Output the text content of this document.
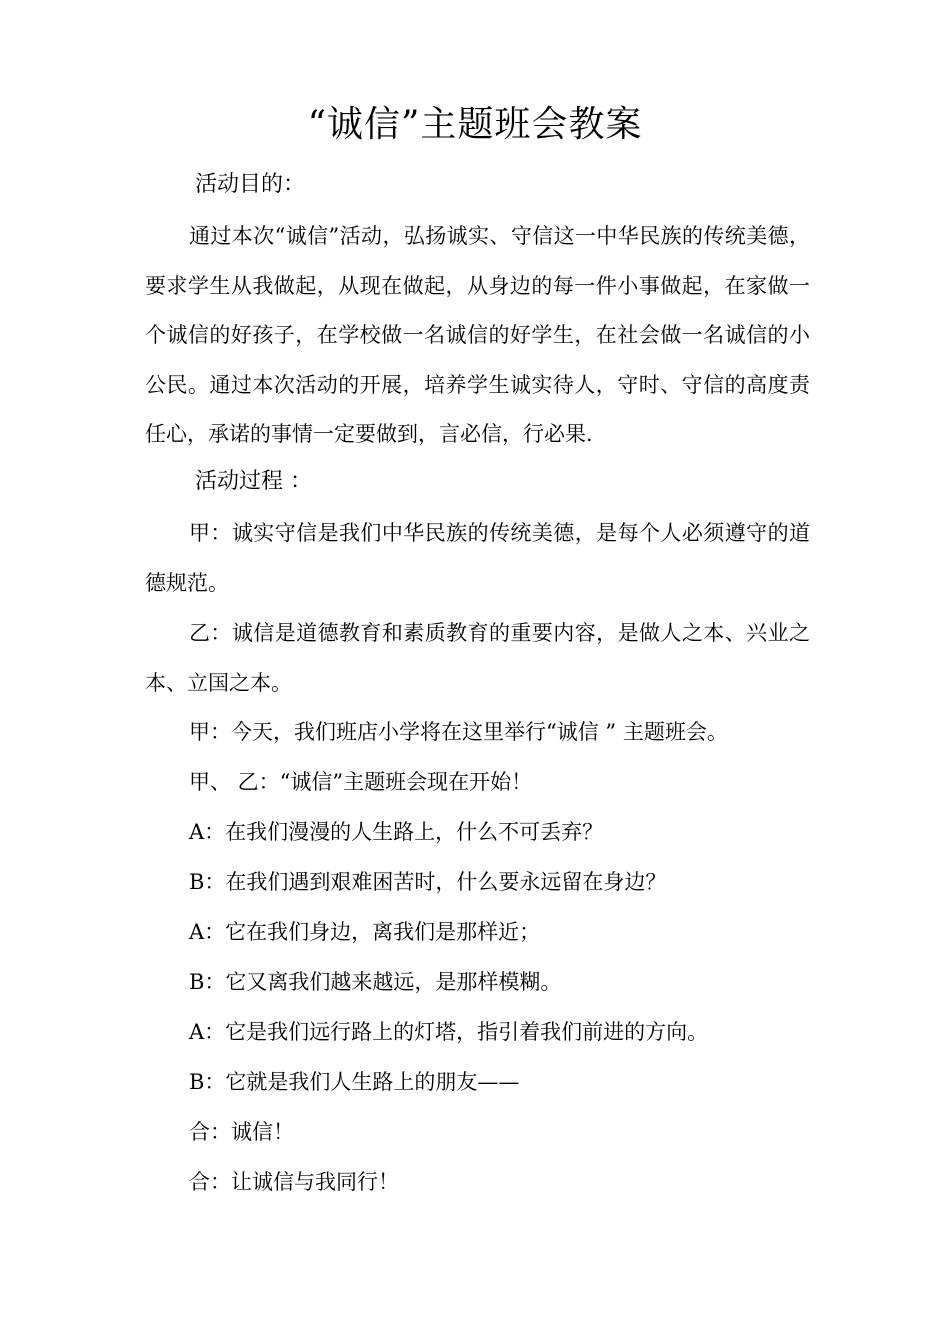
“诚信”主题班会教案
活动目的：

通过本次“诚信”活动，弘扬诚实、守信这一中华民族的传统美德，要求学生从我做起，从现在做起，从身边的每一件小事做起，在家做一个诚信的好孩子，在学校做一名诚信的好学生，在社会做一名诚信的小公民。通过本次活动的开展，培养学生诚实待人，守时、守信的高度责任心，承诺的事情一定要做到，言必信，行必果.

活动过程 ：

甲：诚实守信是我们中华民族的传统美德，是每个人必须遵守的道德规范。

乙：诚信是道德教育和素质教育的重要内容，是做人之本、兴业之本、立国之本。

甲：今天，我们班店小学将在这里举行“诚信 ” 主题班会。
甲、 乙：“诚信”主题班会现在开始！
A：在我们漫漫的人生路上，什么不可丢弃？
B：在我们遇到艰难困苦时，什么要永远留在身边？
A：它在我们身边，离我们是那样近；
B：它又离我们越来越远，是那样模糊。
A：它是我们远行路上的灯塔，指引着我们前进的方向。
B：它就是我们人生路上的朋友——
合：诚信！
合：让诚信与我同行！
